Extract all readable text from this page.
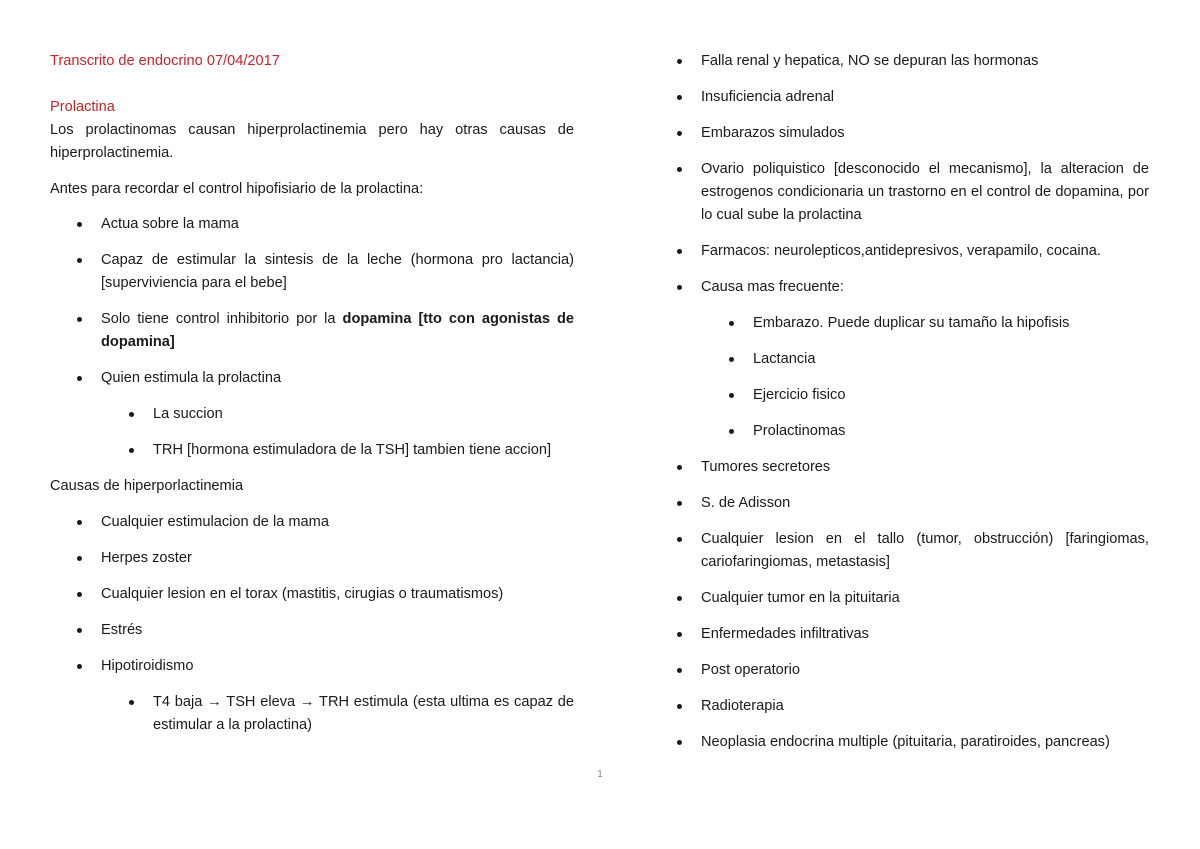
Transcrito de endocrino 07/04/2017

Prolactina

Los prolactinomas causan hiperprolactinemia pero hay otras causas de hiperprolactinemia.

Antes para recordar el control hipofisiario de la prolactina:

Actua sobre la mama
Capaz de estimular la sintesis de la leche (hormona pro lactancia)[superviviencia para el bebe]
Solo tiene control inhibitorio por la dopamina [tto con agonistas de dopamina]
Quien estimula la prolactina
La succion
TRH [hormona estimuladora de la TSH] tambien tiene accion]

Causas de hiperporlactinemia

Cualquier estimulacion de la mama
Herpes zoster
Cualquier lesion en el torax (mastitis, cirugias o traumatismos)
Estrés
Hipotiroidismo
T4 baja → TSH eleva → TRH estimula (esta ultima es capaz de estimular a la prolactina)
Falla renal y hepatica, NO se depuran las hormonas
Insuficiencia adrenal
Embarazos simulados
Ovario poliquistico [desconocido el mecanismo], la alteracion de estrogenos condicionaria un trastorno en el control de dopamina, por lo cual sube la prolactina
Farmacos: neurolepticos,antidepresivos, verapamilo, cocaina.
Causa mas frecuente:
Embarazo. Puede duplicar su tamaño la hipofisis
Lactancia
Ejercicio fisico
Prolactinomas
Tumores secretores
S. de Adisson
Cualquier lesion en el tallo (tumor, obstrucción) [faringiomas, cariofaringiomas, metastasis]
Cualquier tumor en la pituitaria
Enfermedades infiltrativas
Post operatorio
Radioterapia
Neoplasia endocrina multiple (pituitaria, paratiroides, pancreas)
1
